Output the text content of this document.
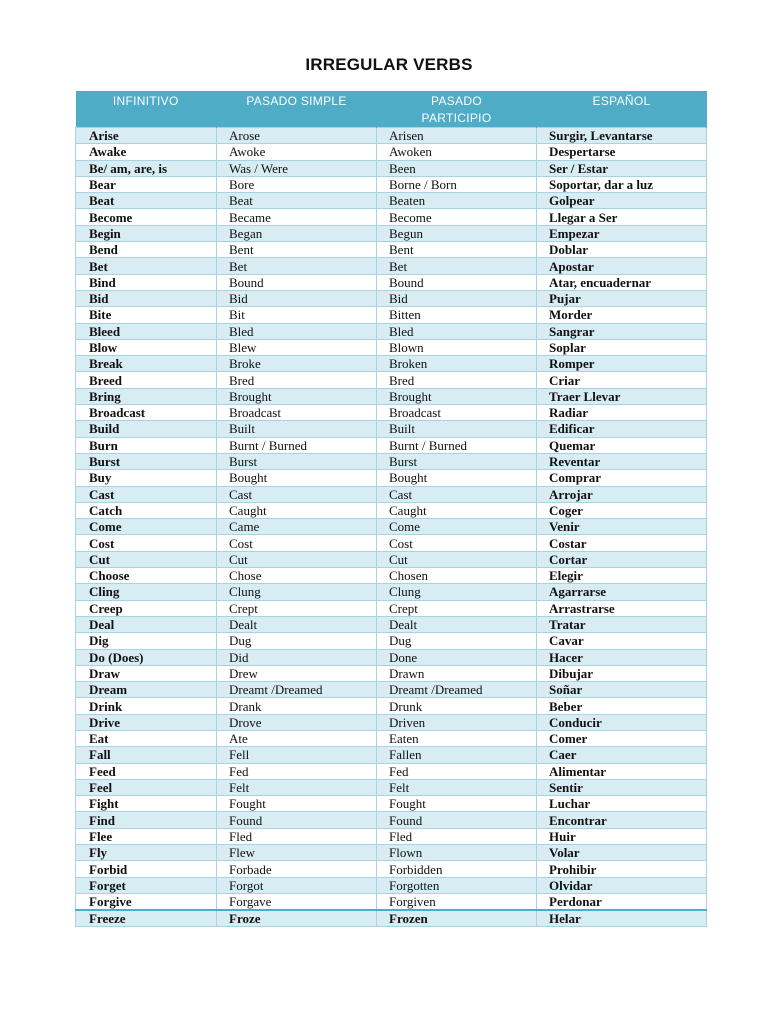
IRREGULAR VERBS
INFINITIVO	PASADO SIMPLE	PASADO PARTICIPIO	ESPAÑOL

Arise	Arose	Arisen	Surgir, Levantarse
Awake	Awoke	Awoken	Despertarse
Be/ am, are, is	Was / Were	Been	Ser / Estar
Bear	Bore	Borne / Born	Soportar, dar a luz
Beat	Beat	Beaten	Golpear
Become	Became	Become	Llegar a Ser
Begin	Began	Begun	Empezar
Bend	Bent	Bent	Doblar
Bet	Bet	Bet	Apostar
Bind	Bound	Bound	Atar, encuadernar
Bid	Bid	Bid	Pujar
Bite	Bit	Bitten	Morder
Bleed	Bled	Bled	Sangrar
Blow	Blew	Blown	Soplar
Break	Broke	Broken	Romper
Breed	Bred	Bred	Criar
Bring	Brought	Brought	Traer Llevar
Broadcast	Broadcast	Broadcast	Radiar
Build	Built	Built	Edificar
Burn	Burnt / Burned	Burnt / Burned	Quemar
Burst	Burst	Burst	Reventar
Buy	Bought	Bought	Comprar
Cast	Cast	Cast	Arrojar
Catch	Caught	Caught	Coger
Come	Came	Come	Venir
Cost	Cost	Cost	Costar
Cut	Cut	Cut	Cortar
Choose	Chose	Chosen	Elegir
Cling	Clung	Clung	Agarrarse
Creep	Crept	Crept	Arrastrarse
Deal	Dealt	Dealt	Tratar
Dig	Dug	Dug	Cavar
Do (Does)	Did	Done	Hacer
Draw	Drew	Drawn	Dibujar
Dream	Dreamt /Dreamed	Dreamt /Dreamed	Soñar
Drink	Drank	Drunk	Beber
Drive	Drove	Driven	Conducir
Eat	Ate	Eaten	Comer
Fall	Fell	Fallen	Caer
Feed	Fed	Fed	Alimentar
Feel	Felt	Felt	Sentir
Fight	Fought	Fought	Luchar
Find	Found	Found	Encontrar
Flee	Fled	Fled	Huir
Fly	Flew	Flown	Volar
Forbid	Forbade	Forbidden	Prohibir
Forget	Forgot	Forgotten	Olvidar
Forgive	Forgave	Forgiven	Perdonar
Freeze	Froze	Frozen	Helar
